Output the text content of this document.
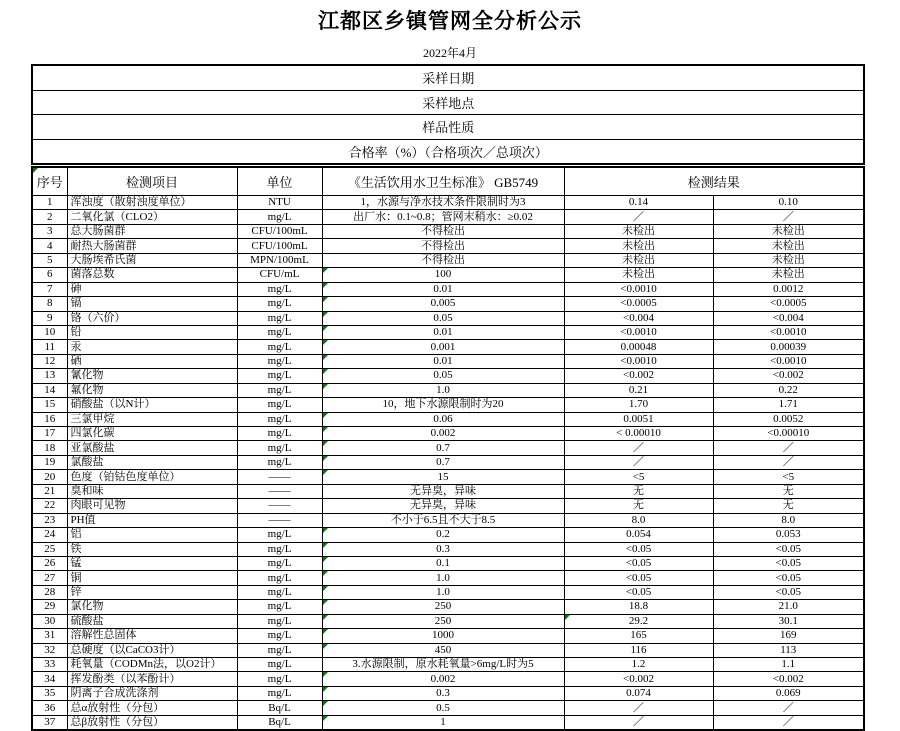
江都区乡镇管网全分析公示
2022年4月
采样日期		
采样地点		
样品性质		
合格率（%）（合格项次／总项次）		
序号	检测项目	单位	《生活饮用水卫生标准》 GB5749	检测结果	
1	浑浊度（散射浊度单位）	NTU	1，水源与净水技术条件限制时为3	0.14	0.10
2	二氧化氯（CLO2）	mg/L	出厂水：0.1~0.8；管网末稍水：≥0.02	／	／
3	总大肠菌群	CFU/100mL	不得检出	未检出	未检出
4	耐热大肠菌群	CFU/100mL	不得检出	未检出	未检出
5	大肠埃希氏菌	MPN/100mL	不得检出	未检出	未检出
6	菌落总数	CFU/mL	100	未检出	未检出
7	砷	mg/L	0.01	<0.0010	0.0012
8	镉	mg/L	0.005	<0.0005	<0.0005
9	铬（六价）	mg/L	0.05	<0.004	<0.004
10	铅	mg/L	0.01	<0.0010	<0.0010
11	汞	mg/L	0.001	0.00048	0.00039
12	硒	mg/L	0.01	<0.0010	<0.0010
13	氰化物	mg/L	0.05	<0.002	<0.002
14	氟化物	mg/L	1.0	0.21	0.22
15	硝酸盐（以N计）	mg/L	10，地下水源限制时为20	1.70	1.71
16	三氯甲烷	mg/L	0.06	0.0051	0.0052
17	四氯化碳	mg/L	0.002	< 0.00010	<0.00010
18	亚氯酸盐	mg/L	0.7	／	／
19	氯酸盐	mg/L	0.7	／	／
20	色度（铂钴色度单位）	——	15	<5	<5
21	臭和味	——	无异臭，异味	无	无
22	肉眼可见物	——	无异臭，异味	无	无
23	PH值	——	不小于6.5且不大于8.5	8.0	8.0
24	铝	mg/L	0.2	0.054	0.053
25	铁	mg/L	0.3	<0.05	<0.05
26	锰	mg/L	0.1	<0.05	<0.05
27	铜	mg/L	1.0	<0.05	<0.05
28	锌	mg/L	1.0	<0.05	<0.05
29	氯化物	mg/L	250	18.8	21.0
30	硫酸盐	mg/L	250	29.2	30.1
31	溶解性总固体	mg/L	1000	165	169
32	总硬度（以CaCO3计）	mg/L	450	116	113
33	耗氧量（CODMn法，以O2计）	mg/L	3.水源限制，原水耗氧量>6mg/L时为5	1.2	1.1
34	挥发酚类（以苯酚计）	mg/L	0.002	<0.002	<0.002
35	阴离子合成洗涤剂	mg/L	0.3	0.074	0.069
36	总α放射性（分包）	Bq/L	0.5	／	／
37	总β放射性（分包）	Bq/L	1	／	／
